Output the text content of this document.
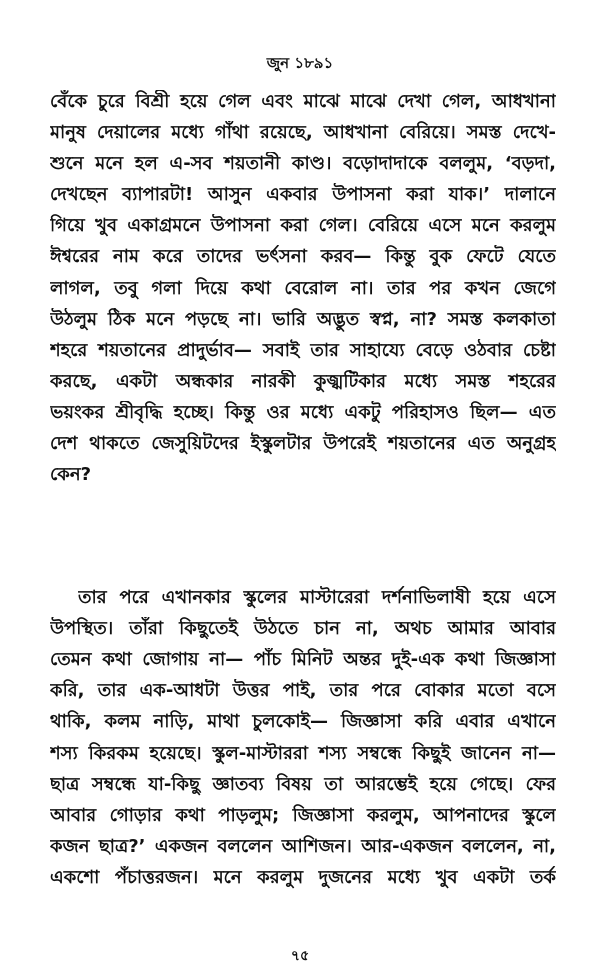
জুন ১৮৯১
বেঁকে চুরে বিশ্রী হয়ে গেল এবং মাঝে মাঝে দেখা গেল, আধখানা
মানুষ দেয়ালের মধ্যে গাঁথা রয়েছে, আধখানা বেরিয়ে। সমস্ত দেখে-
শুনে মনে হল এ-সব শয়তানী কাণ্ড। বড়োদাদাকে বললুম, ‘বড়দা,
দেখছেন ব্যাপারটা! আসুন একবার উপাসনা করা যাক।’ দালানে
গিয়ে খুব একাগ্রমনে উপাসনা করা গেল। বেরিয়ে এসে মনে করলুম
ঈশ্বরের নাম করে তাদের ভর্ৎসনা করব— কিন্তু বুক ফেটে যেতে
লাগল, তবু গলা দিয়ে কথা বেরোল না। তার পর কখন জেগে
উঠলুম ঠিক মনে পড়ছে না। ভারি অদ্ভুত স্বপ্ন, না? সমস্ত কলকাতা
শহরে শয়তানের প্রাদুর্ভাব— সবাই তার সাহায্যে বেড়ে ওঠবার চেষ্টা
করছে, একটা অন্ধকার নারকী কুজ্ঝটিকার মধ্যে সমস্ত শহরের
ভয়ংকর শ্রীবৃদ্ধি হচ্ছে। কিন্তু ওর মধ্যে একটু পরিহাসও ছিল— এত
দেশ থাকতে জেসুয়িটদের ইস্কুলটার উপরেই শয়তানের এত অনুগ্রহ
কেন?
তার পরে এখানকার স্কুলের মাস্টারেরা দর্শনাভিলাষী হয়ে এসে
উপস্থিত। তাঁরা কিছুতেই উঠতে চান না, অথচ আমার আবার
তেমন কথা জোগায় না— পাঁচ মিনিট অন্তর দুই-এক কথা জিজ্ঞাসা
করি, তার এক-আধটা উত্তর পাই, তার পরে বোকার মতো বসে
থাকি, কলম নাড়ি, মাথা চুলকোই— জিজ্ঞাসা করি এবার এখানে
শস্য কিরকম হয়েছে। স্কুল-মাস্টাররা শস্য সম্বন্ধে কিছুই জানেন না—
ছাত্র সম্বন্ধে যা-কিছু জ্ঞাতব্য বিষয় তা আরম্ভেই হয়ে গেছে। ফের
আবার গোড়ার কথা পাড়লুম; জিজ্ঞাসা করলুম, আপনাদের স্কুলে
কজন ছাত্র?’ একজন বললেন আশিজন। আর-একজন বললেন, না,
একশো পঁচাত্তরজন। মনে করলুম দুজনের মধ্যে খুব একটা তর্ক
৭৫
